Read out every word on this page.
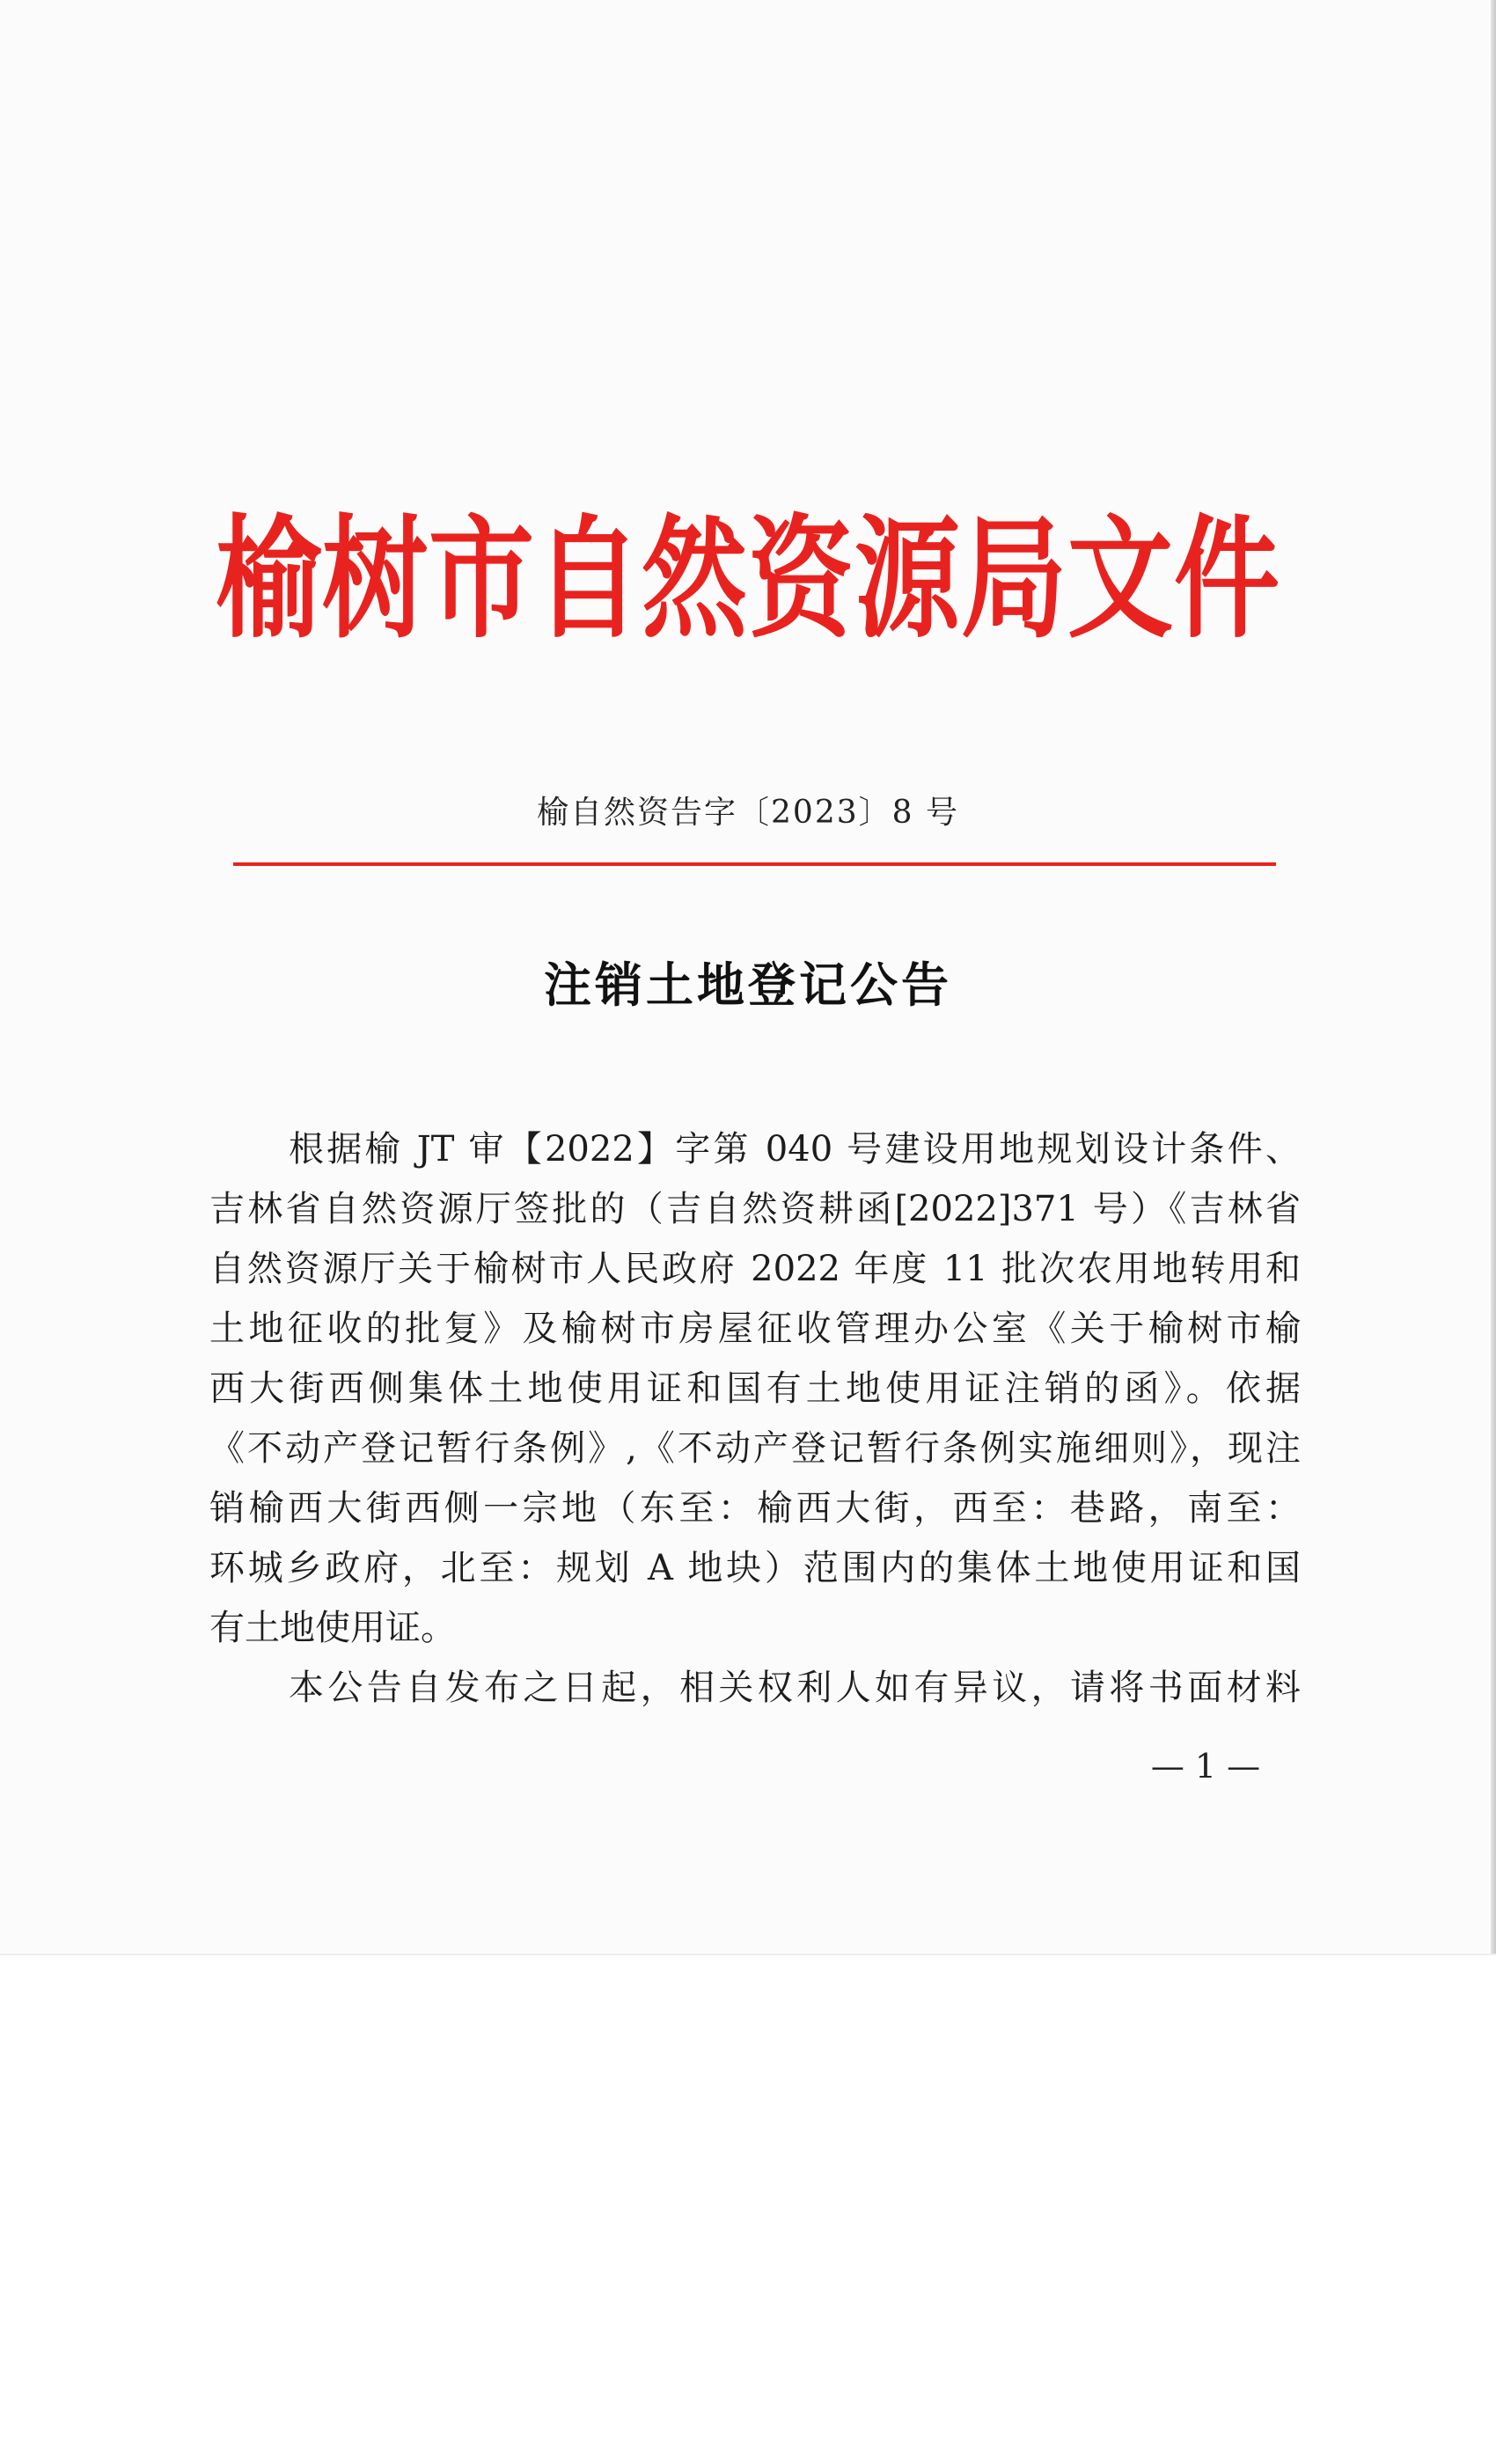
榆树市自然资源局文件
榆自然资告字〔2023〕8 号
注销土地登记公告
根据榆 JT 审【2022】字第 040 号建设用地规划设计条件、
吉林省自然资源厅签批的（吉自然资耕函[2022]371 号）《吉林省
自然资源厅关于榆树市人民政府 2022 年度 11 批次农用地转用和
土地征收的批复》及榆树市房屋征收管理办公室《关于榆树市榆
西大街西侧集体土地使用证和国有土地使用证注销的函》。依据
《不动产登记暂行条例》,《不动产登记暂行条例实施细则》，现注
销榆西大街西侧一宗地（东至：榆西大街，西至：巷路，南至：
环城乡政府，北至：规划 A 地块）范围内的集体土地使用证和国
有土地使用证。
本公告自发布之日起，相关权利人如有异议，请将书面材料
— 1 —
